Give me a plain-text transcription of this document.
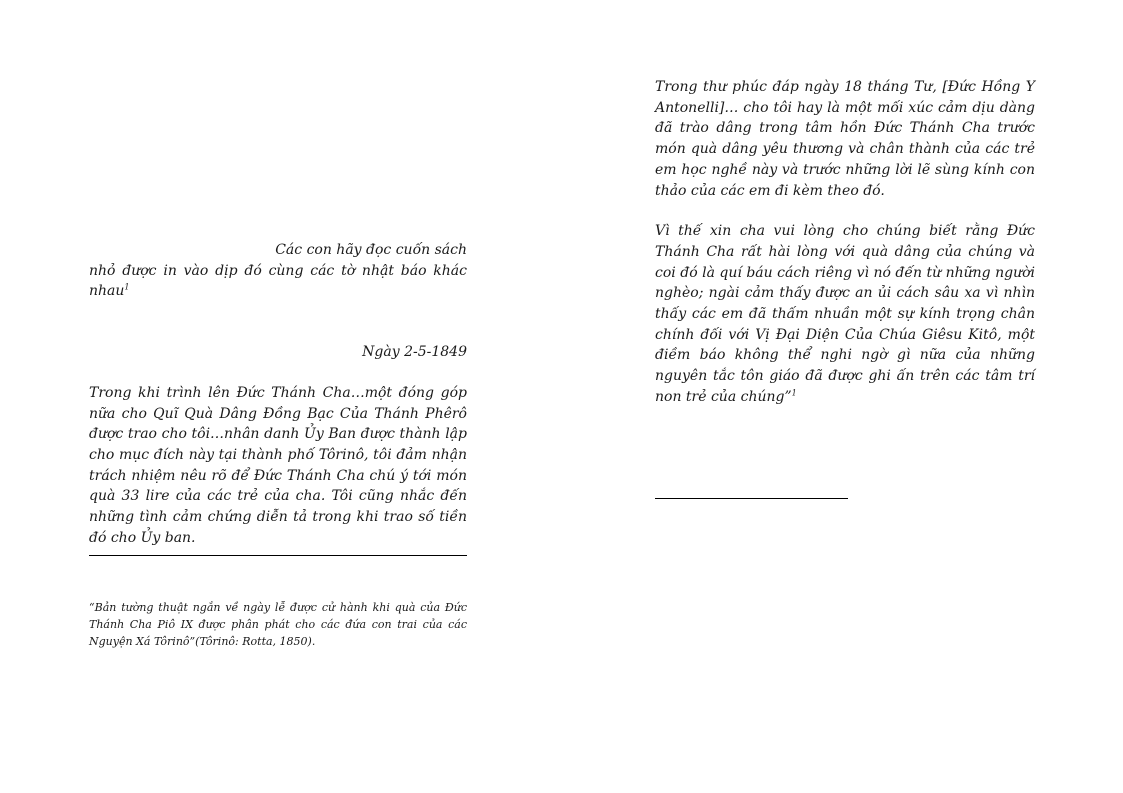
Các con hãy đọc cuốn sách

nhỏ được in vào dịp đó cùng các tờ nhật báo khác nhau$^1$

Ngày 2-5-1849

Trong khi trình lên Đức Thánh Cha…một đóng góp nữa cho Quĩ Quà Dâng Đồng Bạc Của Thánh Phêrô được trao cho tôi…nhân danh Ủy Ban được thành lập cho mục đích này tại thành phố Tôrinô, tôi đảm nhận trách nhiệm nêu rõ để Đức Thánh Cha chú ý tới món quà 33 lire của các trẻ của cha. Tôi cũng nhắc đến những tình cảm chứng diễn tả trong khi trao số tiền đó cho Ủy ban.

“Bản tường thuật ngắn về ngày lễ được cử hành khi quà của Đức Thánh Cha Piô IX được phân phát cho các đứa con trai của các Nguyện Xá Tôrinô”(Tôrinô: Rotta, 1850).

Trong thư phúc đáp ngày 18 tháng Tư, [Đức Hồng Y Antonelli]… cho tôi hay là một mối xúc cảm dịu dàng đã trào dâng trong tâm hồn Đức Thánh Cha trước món quà dâng yêu thương và chân thành của các trẻ em học nghề này và trước những lời lẽ sùng kính con thảo của các em đi kèm theo đó.

Vì thế xin cha vui lòng cho chúng biết rằng Đức Thánh Cha rất hài lòng với quà dâng của chúng và coi đó là quí báu cách riêng vì nó đến từ những người nghèo; ngài cảm thấy được an ủi cách sâu xa vì nhìn thấy các em đã thấm nhuần một sự kính trọng chân chính đối với Vị Đại Diện Của Chúa Giêsu Kitô, một điềm báo không thể nghi ngờ gì nữa của những nguyên tắc tôn giáo đã được ghi ấn trên các tâm trí non trẻ của chúng”$^1$
